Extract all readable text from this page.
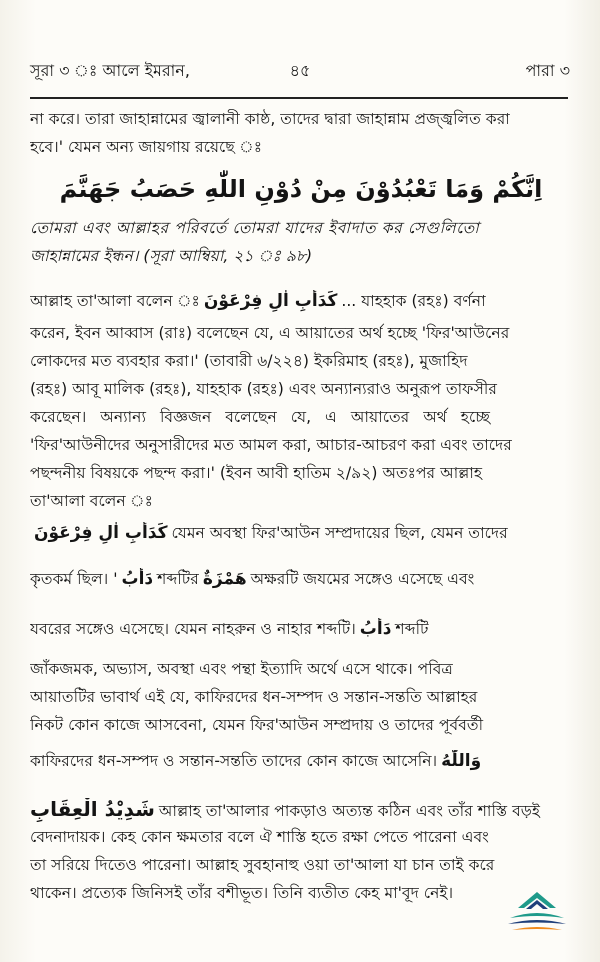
সূরা ৩ ঃ আলে ইমরান,	৪৫	পারা ৩
না করে। তারা জাহান্নামের জ্বালানী কাষ্ঠ, তাদের দ্বারা জাহান্নাম প্রজ্জ্বলিত করা
হবে।' যেমন অন্য জায়গায় রয়েছে ঃ
اِنَّكُمْ وَمَا تَعْبُدُوْنَ مِنْ دُوْنِ اللّٰهِ حَصَبُ جَهَنَّمَ
তোমরা এবং আল্লাহর পরিবর্তে তোমরা যাদের ইবাদাত কর সেগুলিতো
জাহান্নামের ইন্ধন। (সূরা আম্বিয়া, ২১ ঃ ৯৮)
আল্লাহ তা'আলা বলেন ঃ كَدَأْبِ اٰلِ فِرْعَوْنَ ... যাহহাক (রহঃ) বর্ণনা
করেন, ইবন আব্বাস (রাঃ) বলেছেন যে, এ আয়াতের অর্থ হচ্ছে 'ফির'আউনের
লোকদের মত ব্যবহার করা।' (তাবারী ৬/২২৪) ইকরিমাহ (রহঃ), মুজাহিদ
(রহঃ) আবূ মালিক (রহঃ), যাহহাক (রহঃ) এবং অন্যান্যরাও অনুরূপ তাফসীর
করেছেন। অন্যান্য বিজ্ঞজন বলেছেন যে, এ আয়াতের অর্থ হচ্ছে
'ফির'আউনীদের অনুসারীদের মত আমল করা, আচার-আচরণ করা এবং তাদের
পছন্দনীয় বিষয়কে পছন্দ করা।' (ইবন আবী হাতিম ২/৯২) অতঃপর আল্লাহ
তা'আলা বলেন ঃ
كَدَأْبِ اٰلِ فِرْعَوْنَ যেমন অবস্থা ফির'আউন সম্প্রদায়ের ছিল, যেমন তাদের
কৃতকর্ম ছিল। ' دَأْبُ শব্দটির هَمْزَةٌ অক্ষরটি জযমের সঙ্গেও এসেছে এবং
যবরের সঙ্গেও এসেছে। যেমন নাহরুন ও নাহার শব্দটি। دَأْبُ শব্দটি
জাঁকজমক, অভ্যাস, অবস্থা এবং পন্থা ইত্যাদি অর্থে এসে থাকে। পবিত্র
আয়াতটির ভাবার্থ এই যে, কাফিরদের ধন-সম্পদ ও সন্তান-সন্ততি আল্লাহর
নিকট কোন কাজে আসবেনা, যেমন ফির'আউন সম্প্রদায় ও তাদের পূর্ববর্তী
কাফিরদের ধন-সম্পদ ও সন্তান-সন্ততি তাদের কোন কাজে আসেনি। وَاللّٰهُ
شَدِيْدُ الْعِقَابِ আল্লাহ তা'আলার পাকড়াও অত্যন্ত কঠিন এবং তাঁর শাস্তি বড়ই
বেদনাদায়ক। কেহ কোন ক্ষমতার বলে ঐ শাস্তি হতে রক্ষা পেতে পারেনা এবং
তা সরিয়ে দিতেও পারেনা। আল্লাহ সুবহানাহু ওয়া তা'আলা যা চান তাই করে
থাকেন। প্রত্যেক জিনিসই তাঁর বশীভূত। তিনি ব্যতীত কেহ মা'বূদ নেই।
